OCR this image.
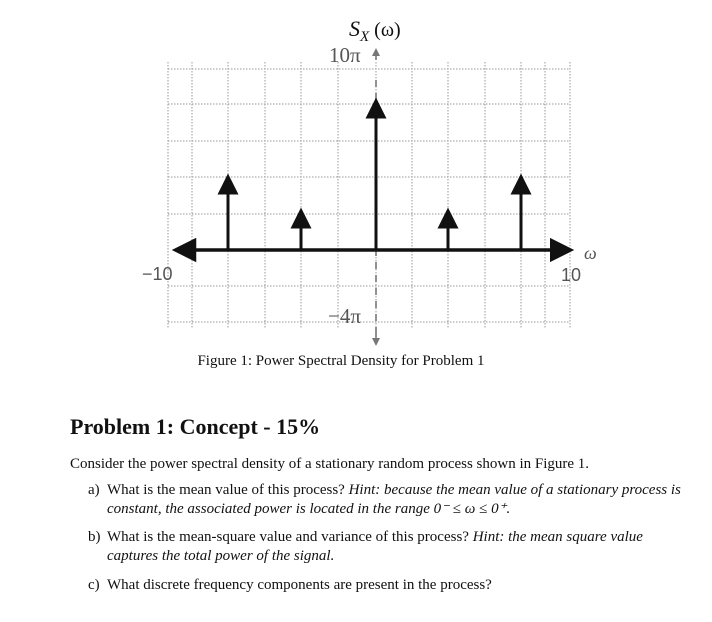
$S_X$ (ω)
10π
−4π
−10	10
ω
Figure 1: Power Spectral Density for Problem 1
Problem 1: Concept - 15%

Consider the power spectral density of a stationary random process shown in Figure 1.

a) What is the mean value of this process? Hint: because the mean value of a stationary process is constant, the associated power is located in the range 0⁻ ≤ ω ≤ 0⁺.
b) What is the mean-square value and variance of this process? Hint: the mean square value captures the total power of the signal.
c) What discrete frequency components are present in the process?
